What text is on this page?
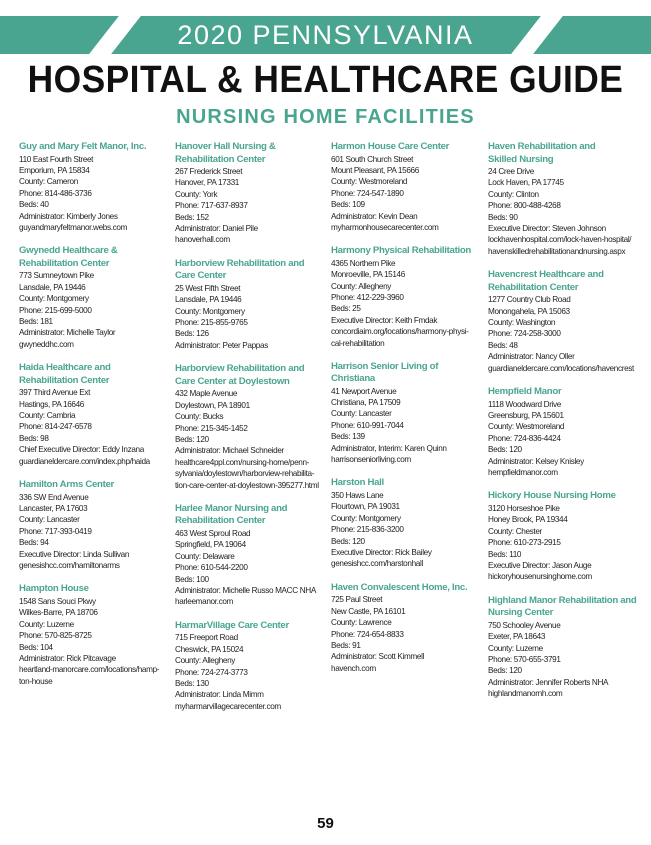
2020 PENNSYLVANIA
HOSPITAL & HEALTHCARE GUIDE
NURSING HOME FACILITIES
Guy and Mary Felt Manor, Inc.
110 East Fourth Street
Emporium, PA 15834
County: Cameron
Phone: 814-486-3736
Beds: 40
Administrator: Kimberly Jones
guyandmaryfeltmanor.webs.com
Gwynedd Healthcare &
Rehabilitation Center
773 Sumneytown Pike
Lansdale, PA 19446
County: Montgomery
Phone: 215-699-5000
Beds: 181
Administrator: Michelle Taylor
gwyneddhc.com
Haida Healthcare and
Rehabilitation Center
397 Third Avenue Ext
Hastings, PA 16646
County: Cambria
Phone: 814-247-6578
Beds: 98
Chief Executive Director: Eddy Inzana
guardianeldercare.com/index.php/haida
Hamilton Arms Center
336 SW End Avenue
Lancaster, PA 17603
County: Lancaster
Phone: 717-393-0419
Beds: 94
Executive Director: Linda Sullivan
genesishcc.com/hamiltonarms
Hampton House
1548 Sans Souci Pkwy
Wilkes-Barre, PA 18706
County: Luzerne
Phone: 570-825-8725
Beds: 104
Administrator: Rick Pitcavage
heartland-manorcare.com/locations/hamp-
ton-house
Hanover Hall Nursing &
Rehabilitation Center
267 Frederick Street
Hanover, PA 17331
County: York
Phone: 717-637-8937
Beds: 152
Administrator: Daniel Pile
hanoverhall.com
Harborview Rehabilitation and
Care Center
25 West Fifth Street
Lansdale, PA 19446
County: Montgomery
Phone: 215-855-9765
Beds: 126
Administrator: Peter Pappas
Harborview Rehabilitation and
Care Center at Doylestown
432 Maple Avenue
Doylestown, PA 18901
County: Bucks
Phone: 215-345-1452
Beds: 120
Administrator: Michael Schneider
healthcare4ppl.com/nursing-home/penn-
sylvania/doylestown/harborview-rehabilita-
tion-care-center-at-doylestown-395277.html
Harlee Manor Nursing and
Rehabilitation Center
463 West Sproul Road
Springfield, PA 19064
County: Delaware
Phone: 610-544-2200
Beds: 100
Administrator: Michelle Russo MACC NHA
harleemanor.com
HarmarVillage Care Center
715 Freeport Road
Cheswick, PA 15024
County: Allegheny
Phone: 724-274-3773
Beds: 130
Administrator: Linda Mimm
myharmarvillagecarecenter.com
Harmon House Care Center
601 South Church Street
Mount Pleasant, PA 15666
County: Westmoreland
Phone: 724-547-1890
Beds: 109
Administrator: Kevin Dean
myharmonhousecarecenter.com
Harmony Physical Rehabilitation
4365 Northern Pike
Monroeville, PA 15146
County: Allegheny
Phone: 412-229-3960
Beds: 25
Executive Director: Keith Fmdak
concordiaim.org/locations/harmony-physi-
cal-rehabilitation
Harrison Senior Living of Christiana
41 Newport Avenue
Christiana, PA 17509
County: Lancaster
Phone: 610-991-7044
Beds: 139
Administrator, Interim: Karen Quinn
harrisonseniorliving.com
Harston Hall
350 Haws Lane
Flourtown, PA 19031
County: Montgomery
Phone: 215-836-3200
Beds: 120
Executive Director: Rick Bailey
genesishcc.com/harstonhall
Haven Convalescent Home, Inc.
725 Paul Street
New Castle, PA 16101
County: Lawrence
Phone: 724-654-8833
Beds: 91
Administrator: Scott Kimmell
havench.com
Haven Rehabilitation and
Skilled Nursing
24 Cree Drive
Lock Haven, PA 17745
County: Clinton
Phone: 800-488-4268
Beds: 90
Executive Director: Steven Johnson
lockhavenhospital.com/lock-haven-hospital/
havenskilledrehabilitationandnursing.aspx
Havencrest Healthcare and
Rehabilitation Center
1277 Country Club Road
Monongahela, PA 15063
County: Washington
Phone: 724-258-3000
Beds: 48
Administrator: Nancy Oller
guardianeldercare.com/locations/havencrest
Hempfield Manor
1118 Woodward Drive
Greensburg, PA 15601
County: Westmoreland
Phone: 724-836-4424
Beds: 120
Administrator: Kelsey Knisley
hempfieldmanor.com
Hickory House Nursing Home
3120 Horseshoe Pike
Honey Brook, PA 19344
County: Chester
Phone: 610-273-2915
Beds: 110
Executive Director: Jason Auge
hickoryhousenursinghome.com
Highland Manor Rehabilitation and
Nursing Center
750 Schooley Avenue
Exeter, PA 18643
County: Luzerne
Phone: 570-655-3791
Beds: 120
Administrator: Jennifer Roberts NHA
highlandmanornh.com
59
